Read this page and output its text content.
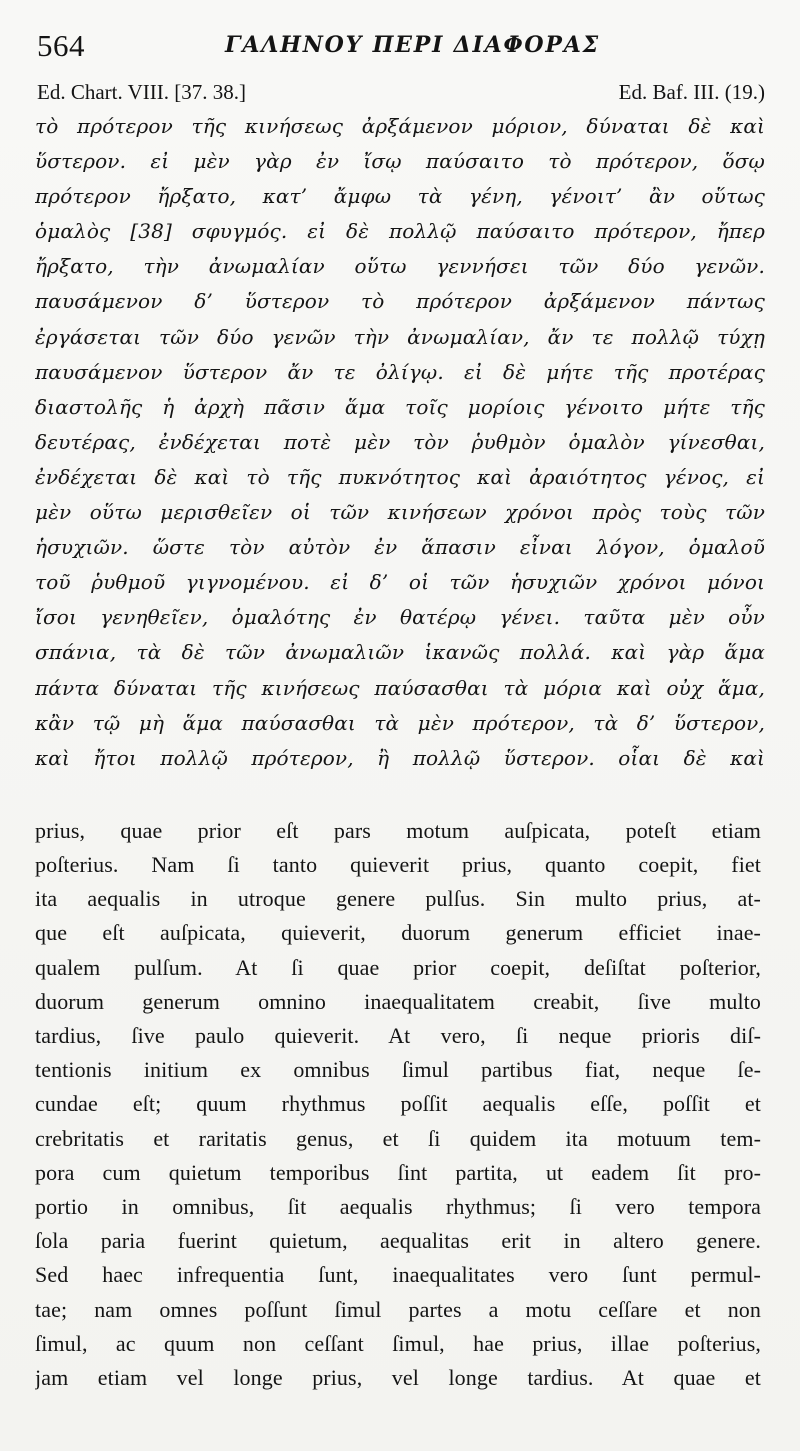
564	ΓΑΛΗΝΟΥ ΠΕΡΙ ΔΙΑΦΟΡΑΣ
Ed. Chart. VIII. [37. 38.]	Ed. Baf. III. (19.)
τὸ πρότερον τῆς κινήσεως ἀρξάμενον μόριον, δύναται δὲ καὶ
ὕστερον. εἰ μὲν γὰρ ἐν ἴσῳ παύσαιτο τὸ πρότερον, ὅσῳ
πρότερον ἤρξατο, κατ’ ἄμφω τὰ γένη, γένοιτ’ ἂν οὕτως
ὁμαλὸς [38] σφυγμός. εἰ δὲ πολλῷ παύσαιτο πρότερον, ἤπερ
ἤρξατο, τὴν ἀνωμαλίαν οὕτω γεννήσει τῶν δύο γενῶν.
παυσάμενον δ’ ὕστερον τὸ πρότερον ἀρξάμενον πάντως
ἐργάσεται τῶν δύο γενῶν τὴν ἀνωμαλίαν, ἄν τε πολλῷ τύχῃ
παυσάμενον ὕστερον ἄν τε ὀλίγῳ. εἰ δὲ μήτε τῆς προτέρας
διαστολῆς ἡ ἀρχὴ πᾶσιν ἅμα τοῖς μορίοις γένοιτο μήτε τῆς
δευτέρας, ἐνδέχεται ποτὲ μὲν τὸν ῥυθμὸν ὁμαλὸν γίνεσθαι,
ἐνδέχεται δὲ καὶ τὸ τῆς πυκνότητος καὶ ἀραιότητος γένος, εἰ
μὲν οὕτω μερισθεῖεν οἱ τῶν κινήσεων χρόνοι πρὸς τοὺς τῶν
ἡσυχιῶν. ὥστε τὸν αὐτὸν ἐν ἅπασιν εἶναι λόγον, ὁμαλοῦ
τοῦ ῥυθμοῦ γιγνομένου. εἰ δ’ οἱ τῶν ἡσυχιῶν χρόνοι μόνοι
ἴσοι γενηθεῖεν, ὁμαλότης ἐν θατέρῳ γένει. ταῦτα μὲν οὖν
σπάνια, τὰ δὲ τῶν ἀνωμαλιῶν ἱκανῶς πολλά. καὶ γὰρ ἅμα
πάντα δύναται τῆς κινήσεως παύσασθαι τὰ μόρια καὶ οὐχ ἅμα,
κἂν τῷ μὴ ἅμα παύσασθαι τὰ μὲν πρότερον, τὰ δ’ ὕστερον,
καὶ ἤτοι πολλῷ πρότερον, ἢ πολλῷ ὕστερον. οἷαι δὲ καὶ
prius, quae prior eſt pars motum auſpicata, poteſt etiam
poſterius. Nam ſi tanto quieverit prius, quanto coepit, fiet
ita aequalis in utroque genere pulſus. Sin multo prius, at-
que eſt auſpicata, quieverit, duorum generum efficiet inae-
qualem pulſum. At ſi quae prior coepit, deſiſtat poſterior,
duorum generum omnino inaequalitatem creabit, ſive multo
tardius, ſive paulo quieverit. At vero, ſi neque prioris diſ-
tentionis initium ex omnibus ſimul partibus fiat, neque ſe-
cundae eſt; quum rhythmus poſſit aequalis eſſe, poſſit et
crebritatis et raritatis genus, et ſi quidem ita motuum tem-
pora cum quietum temporibus ſint partita, ut eadem ſit pro-
portio in omnibus, ſit aequalis rhythmus; ſi vero tempora
ſola paria fuerint quietum, aequalitas erit in altero genere.
Sed haec infrequentia ſunt, inaequalitates vero ſunt permul-
tae; nam omnes poſſunt ſimul partes a motu ceſſare et non
ſimul, ac quum non ceſſant ſimul, hae prius, illae poſterius,
jam etiam vel longe prius, vel longe tardius. At quae et
